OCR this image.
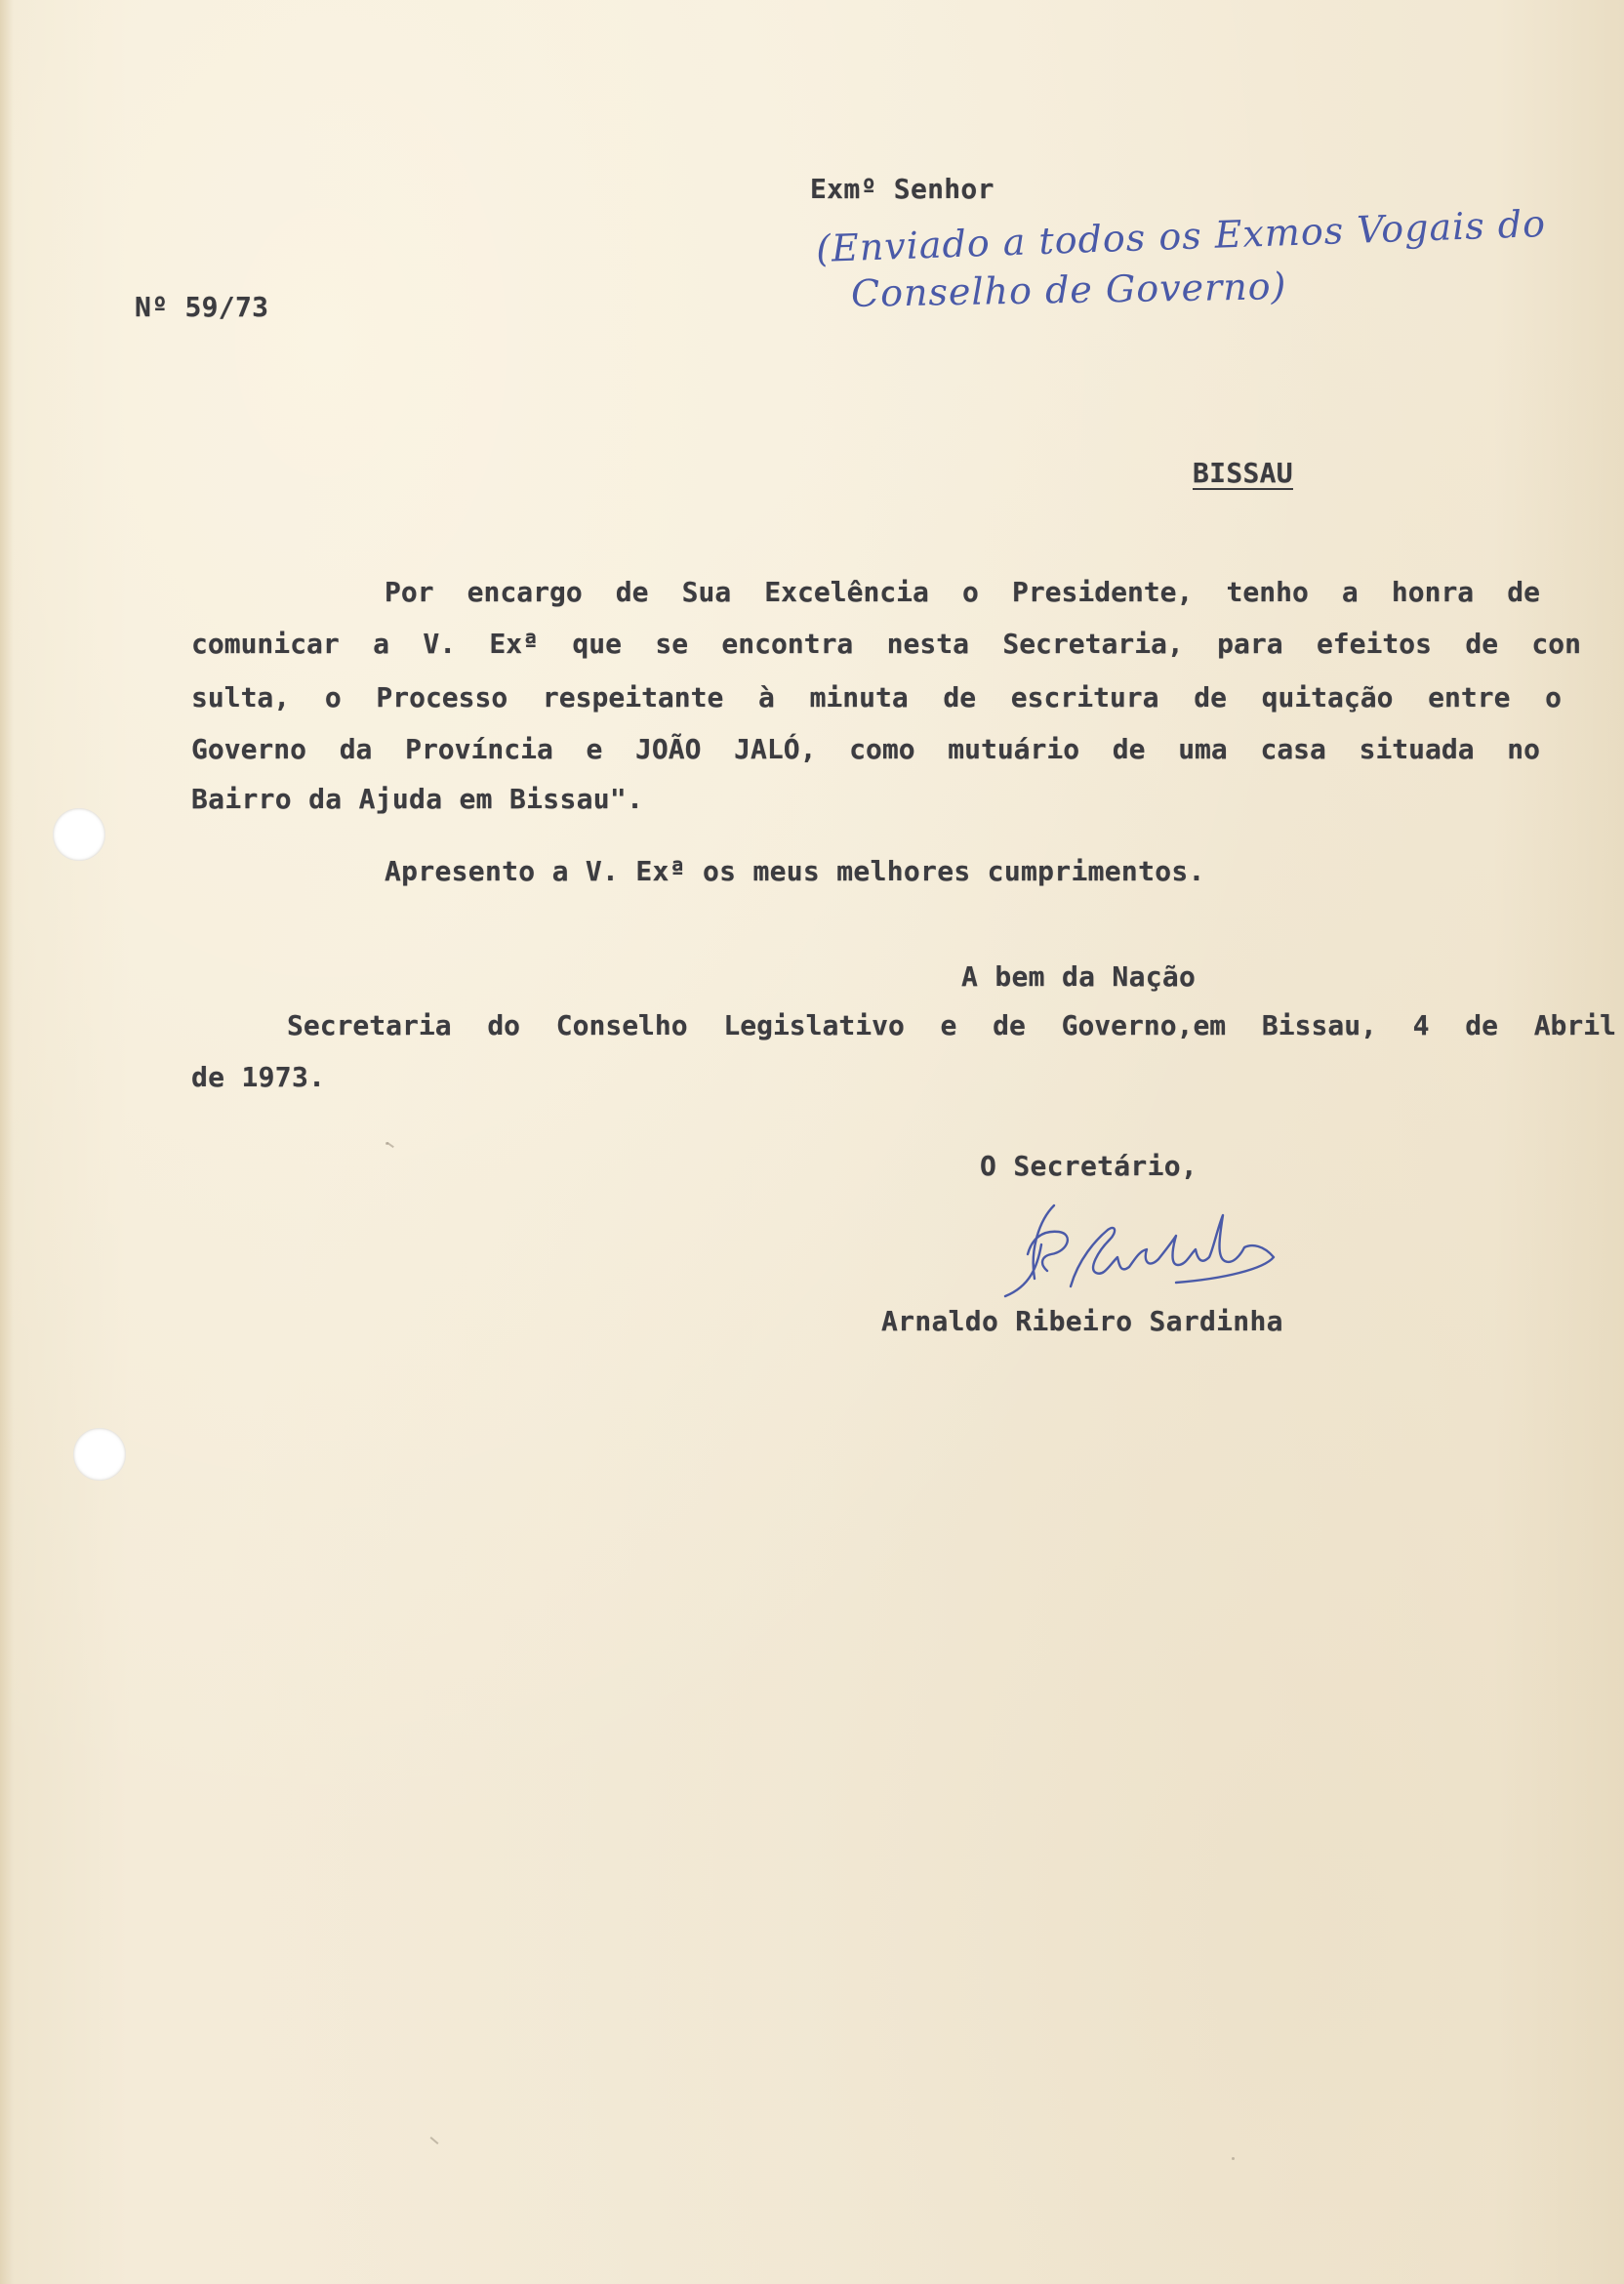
Exmº Senhor
(Enviado a todos os Exmos Vogais do
Conselho de Governo)
Nº 59/73
BISSAU
Por encargo de Sua Excelência o Presidente, tenho a honra de
comunicar a V. Exª que se encontra nesta Secretaria, para efeitos de con
sulta, o Processo respeitante à minuta de escritura de quitação entre o
Governo da Província e JOÃO JALÓ, como mutuário de uma casa situada no
Bairro da Ajuda em Bissau".
Apresento a V. Exª os meus melhores cumprimentos.
A bem da Nação
Secretaria do Conselho Legislativo e de Governo,em Bissau, 4 de Abril
de 1973.
O Secretário,
Arnaldo Ribeiro Sardinha
